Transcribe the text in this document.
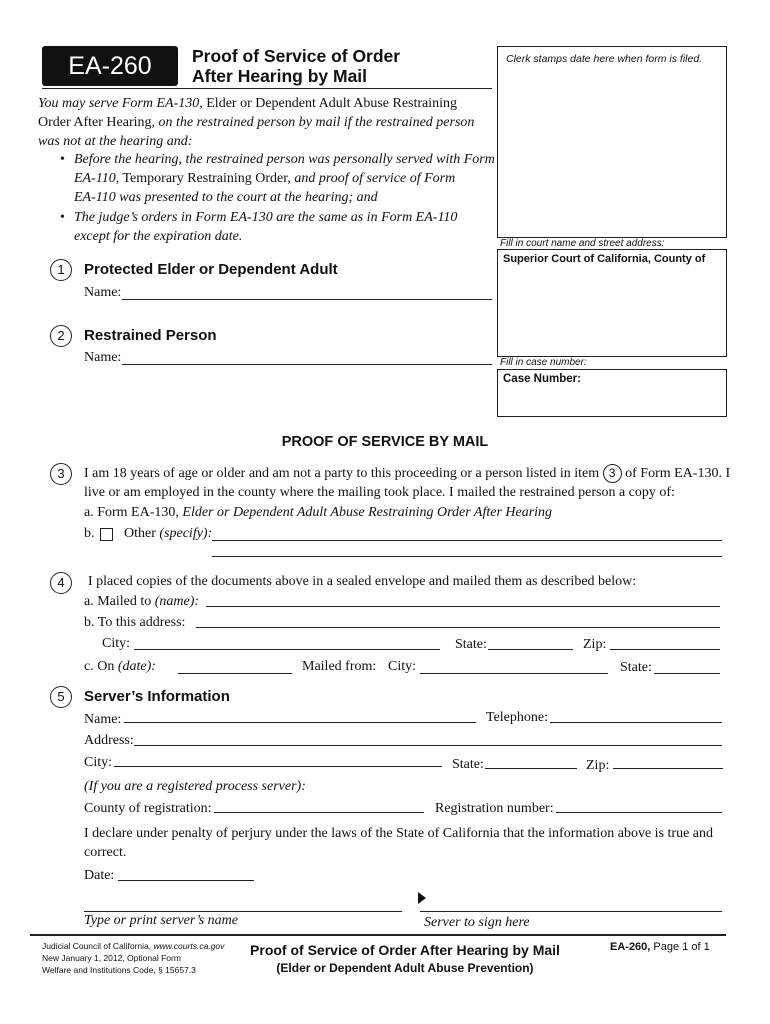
EA-260	Proof of Service of Order
After Hearing by Mail
Clerk stamps date here when form is filed.
You may serve Form EA-130, Elder or Dependent Adult Abuse Restraining
Order After Hearing, on the restrained person by mail if the restrained person
was not at the hearing and:
• Before the hearing, the restrained person was personally served with Form
EA-110, Temporary Restraining Order, and proof of service of Form
EA-110 was presented to the court at the hearing; and
• The judge’s orders in Form EA-130 are the same as in Form EA-110
except for the expiration date.	Fill in court name and street address:
Superior Court of California, County of
Fill in case number:
Case Number:
1	Protected Elder or Dependent Adult
Name:
2	Restrained Person
Name:
PROOF OF SERVICE BY MAIL
3	I am 18 years of age or older and am not a party to this proceeding or a person listed in item 3 of Form EA-130. I
live or am employed in the county where the mailing took place. I mailed the restrained person a copy of:
a. Form EA-130, Elder or Dependent Adult Abuse Restraining Order After Hearing
b. Other (specify):
4	I placed copies of the documents above in a sealed envelope and mailed them as described below:
a. Mailed to (name):
b. To this address:
City:	State:	Zip:
c. On (date):	Mailed from: City:	State:
5	Server’s Information
Name:	Telephone:
Address:
City:	State:	Zip:
(If you are a registered process server):
County of registration:	Registration number:
I declare under penalty of perjury under the laws of the State of California that the information above is true and
correct.
Date:
Type or print server’s name	Server to sign here
Judicial Council of California, www.courts.ca.gov
New January 1, 2012, Optional Form
Welfare and Institutions Code, § 15657.3
Proof of Service of Order After Hearing by Mail
(Elder or Dependent Adult Abuse Prevention)
EA-260, Page 1 of 1
